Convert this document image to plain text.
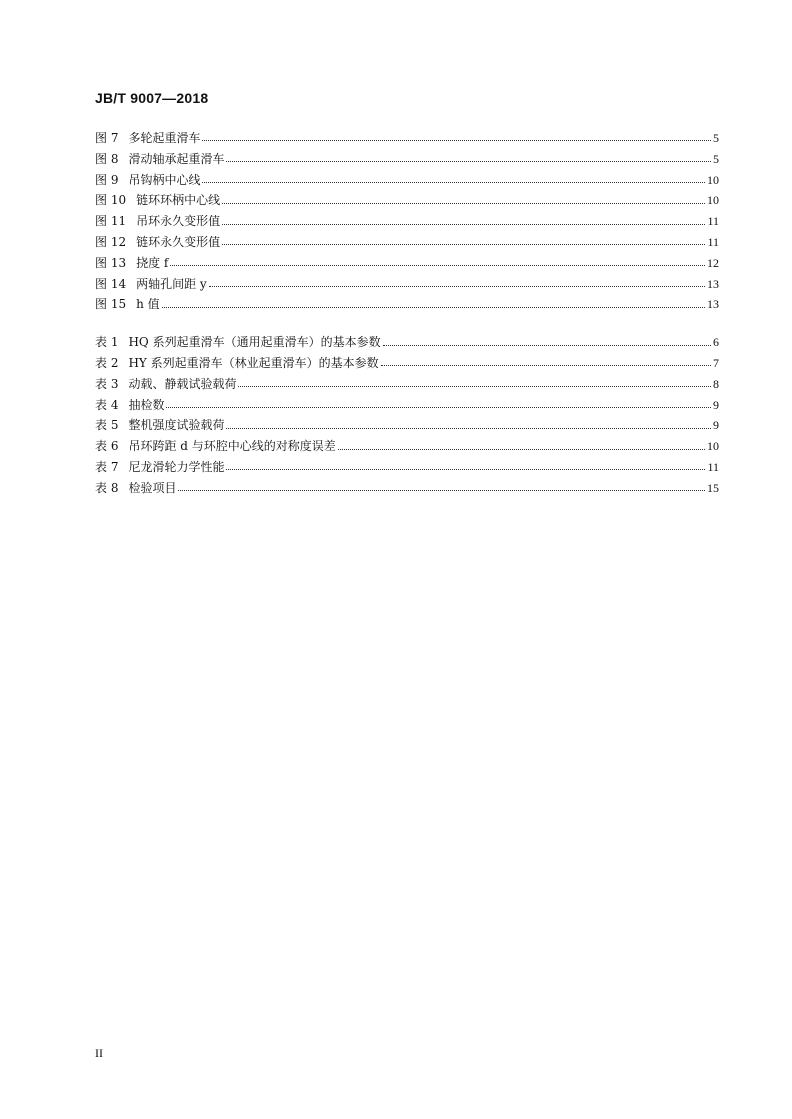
JB/T 9007—2018
图 7 多轮起重滑车	5
图 8 滑动轴承起重滑车	5
图 9 吊钩柄中心线	10
图 10 链环环柄中心线	10
图 11 吊环永久变形值	11
图 12 链环永久变形值	11
图 13 挠度 f	12
图 14 两轴孔间距 y	13
图 15 h 值	13
表 1 HQ 系列起重滑车（通用起重滑车）的基本参数	6
表 2 HY 系列起重滑车（林业起重滑车）的基本参数	7
表 3 动载、静载试验载荷	8
表 4 抽检数	9
表 5 整机强度试验载荷	9
表 6 吊环跨距 d 与环腔中心线的对称度误差	10
表 7 尼龙滑轮力学性能	11
表 8 检验项目	15
II
